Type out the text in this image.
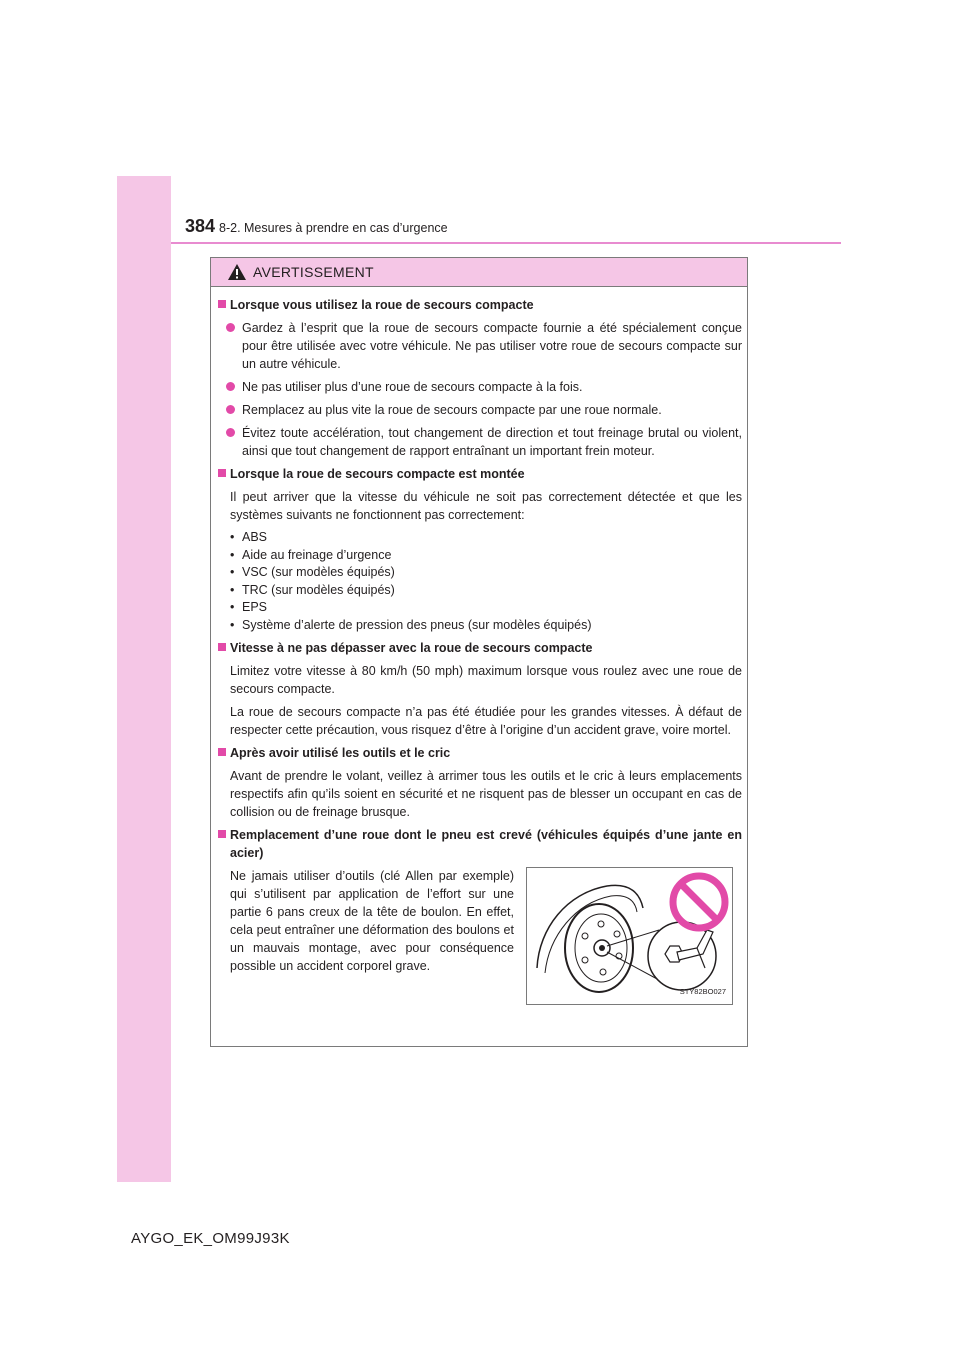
384 8-2. Mesures à prendre en cas d’urgence
AVERTISSEMENT
Lorsque vous utilisez la roue de secours compacte
Gardez à l’esprit que la roue de secours compacte fournie a été spécialement conçue pour être utilisée avec votre véhicule. Ne pas utiliser votre roue de secours compacte sur un autre véhicule.
Ne pas utiliser plus d’une roue de secours compacte à la fois.
Remplacez au plus vite la roue de secours compacte par une roue normale.
Évitez toute accélération, tout changement de direction et tout freinage brutal ou violent, ainsi que tout changement de rapport entraînant un important frein moteur.
Lorsque la roue de secours compacte est montée
Il peut arriver que la vitesse du véhicule ne soit pas correctement détectée et que les systèmes suivants ne fonctionnent pas correctement:
• ABS
• Aide au freinage d’urgence
• VSC (sur modèles équipés)
• TRC (sur modèles équipés)
• EPS
• Système d’alerte de pression des pneus (sur modèles équipés)
Vitesse à ne pas dépasser avec la roue de secours compacte
Limitez votre vitesse à 80 km/h (50 mph) maximum lorsque vous roulez avec une roue de secours compacte.
La roue de secours compacte n’a pas été étudiée pour les grandes vitesses. À défaut de respecter cette précaution, vous risquez d’être à l’origine d’un accident grave, voire mortel.
Après avoir utilisé les outils et le cric
Avant de prendre le volant, veillez à arrimer tous les outils et le cric à leurs emplacements respectifs afin qu’ils soient en sécurité et ne risquent pas de blesser un occupant en cas de collision ou de freinage brusque.
Remplacement d’une roue dont le pneu est crevé (véhicules équipés d’une jante en acier)
Ne jamais utiliser d’outils (clé Allen par exemple) qui s’utilisent par application de l’effort sur une partie 6 pans creux de la tête de boulon. En effet, cela peut entraîner une déformation des boulons et un mauvais montage, avec pour conséquence possible un accident corporel grave.
STY82BO027
AYGO_EK_OM99J93K
